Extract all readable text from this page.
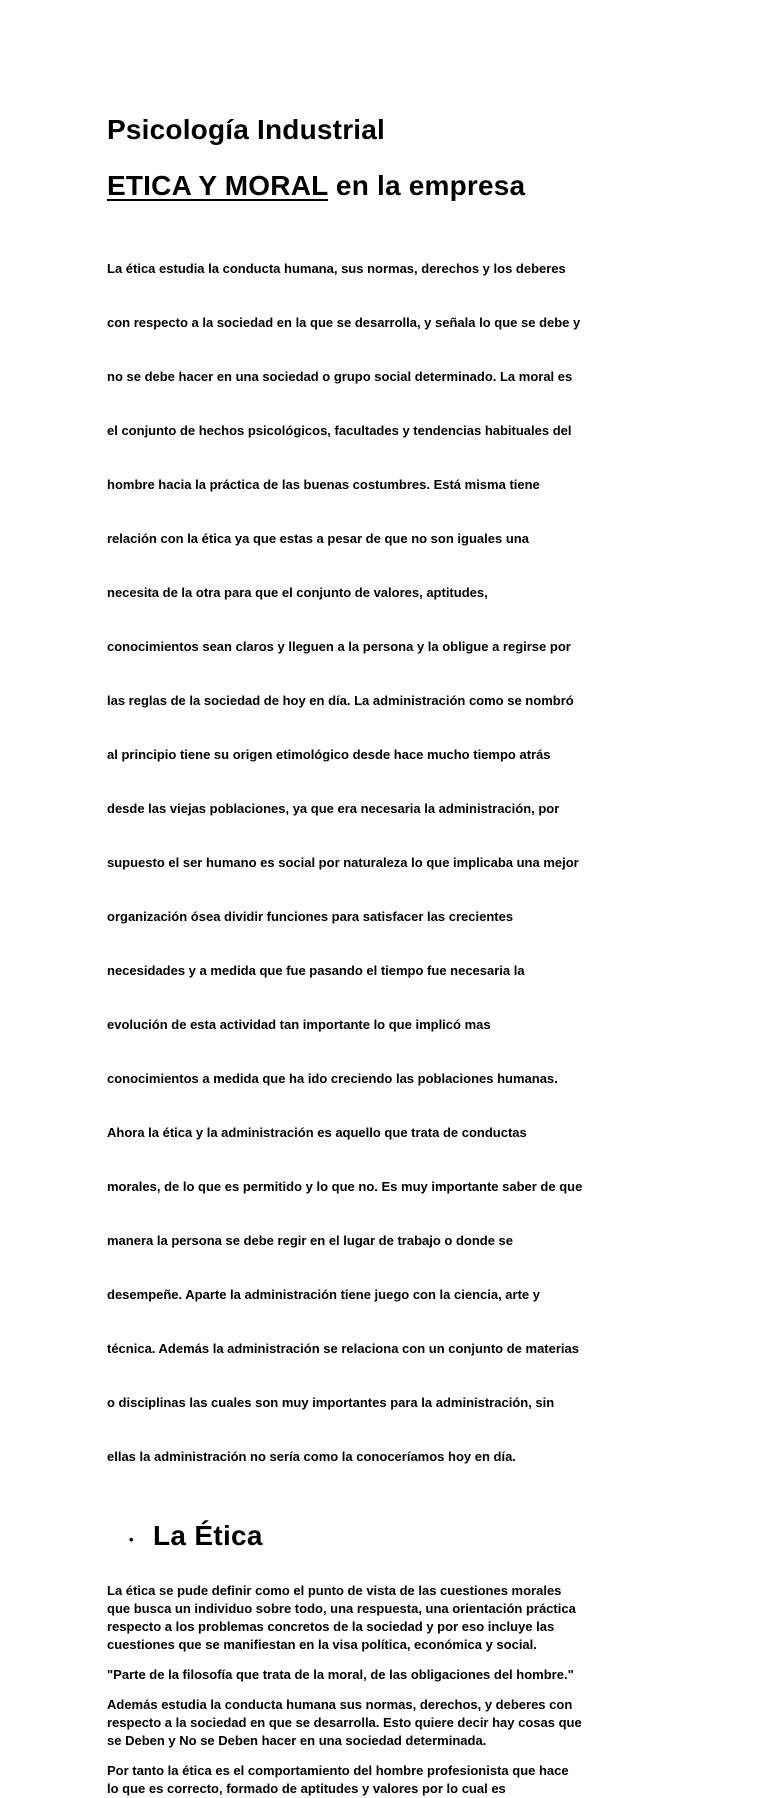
Psicología Industrial
ETICA Y MORAL en la empresa

La ética estudia la conducta humana, sus normas, derechos y los deberes

con respecto a la sociedad en la que se desarrolla, y señala lo que se debe y

no se debe hacer en una sociedad o grupo social determinado. La moral es

el conjunto de hechos psicológicos, facultades y tendencias habituales del

hombre hacia la práctica de las buenas costumbres. Está misma tiene

relación con la ética ya que estas a pesar de que no son iguales una

necesita de la otra para que el conjunto de valores, aptitudes,

conocimientos sean claros y lleguen a la persona y la obligue a regirse por

las reglas de la sociedad de hoy en día. La administración como se nombró

al principio tiene su origen etimológico desde hace mucho tiempo atrás

desde las viejas poblaciones, ya que era necesaria la administración, por

supuesto el ser humano es social por naturaleza lo que implicaba una mejor

organización ósea dividir funciones para satisfacer las crecientes

necesidades y a medida que fue pasando el tiempo fue necesaria la

evolución de esta actividad tan importante lo que implicó mas

conocimientos a medida que ha ido creciendo las poblaciones humanas.

Ahora la ética y la administración es aquello que trata de conductas

morales, de lo que es permitido y lo que no. Es muy importante saber de que

manera la persona se debe regir en el lugar de trabajo o donde se

desempeñe. Aparte la administración tiene juego con la ciencia, arte y

técnica. Además la administración se relaciona con un conjunto de materias

o disciplinas las cuales son muy importantes para la administración, sin

ellas la administración no sería como la conoceríamos hoy en día.

• La Ética
La ética se pude definir como el punto de vista de las cuestiones morales
que busca un individuo sobre todo, una respuesta, una orientación práctica
respecto a los problemas concretos de la sociedad y por eso incluye las
cuestiones que se manifiestan en la visa política, económica y social.
"Parte de la filosofía que trata de la moral, de las obligaciones del hombre."
Además estudia la conducta humana sus normas, derechos, y deberes con
respecto a la sociedad en que se desarrolla. Esto quiere decir hay cosas que
se Deben y No se Deben hacer en una sociedad determinada.
Por tanto la ética es el comportamiento del hombre profesionista que hace
lo que es correcto, formado de aptitudes y valores por lo cual es
